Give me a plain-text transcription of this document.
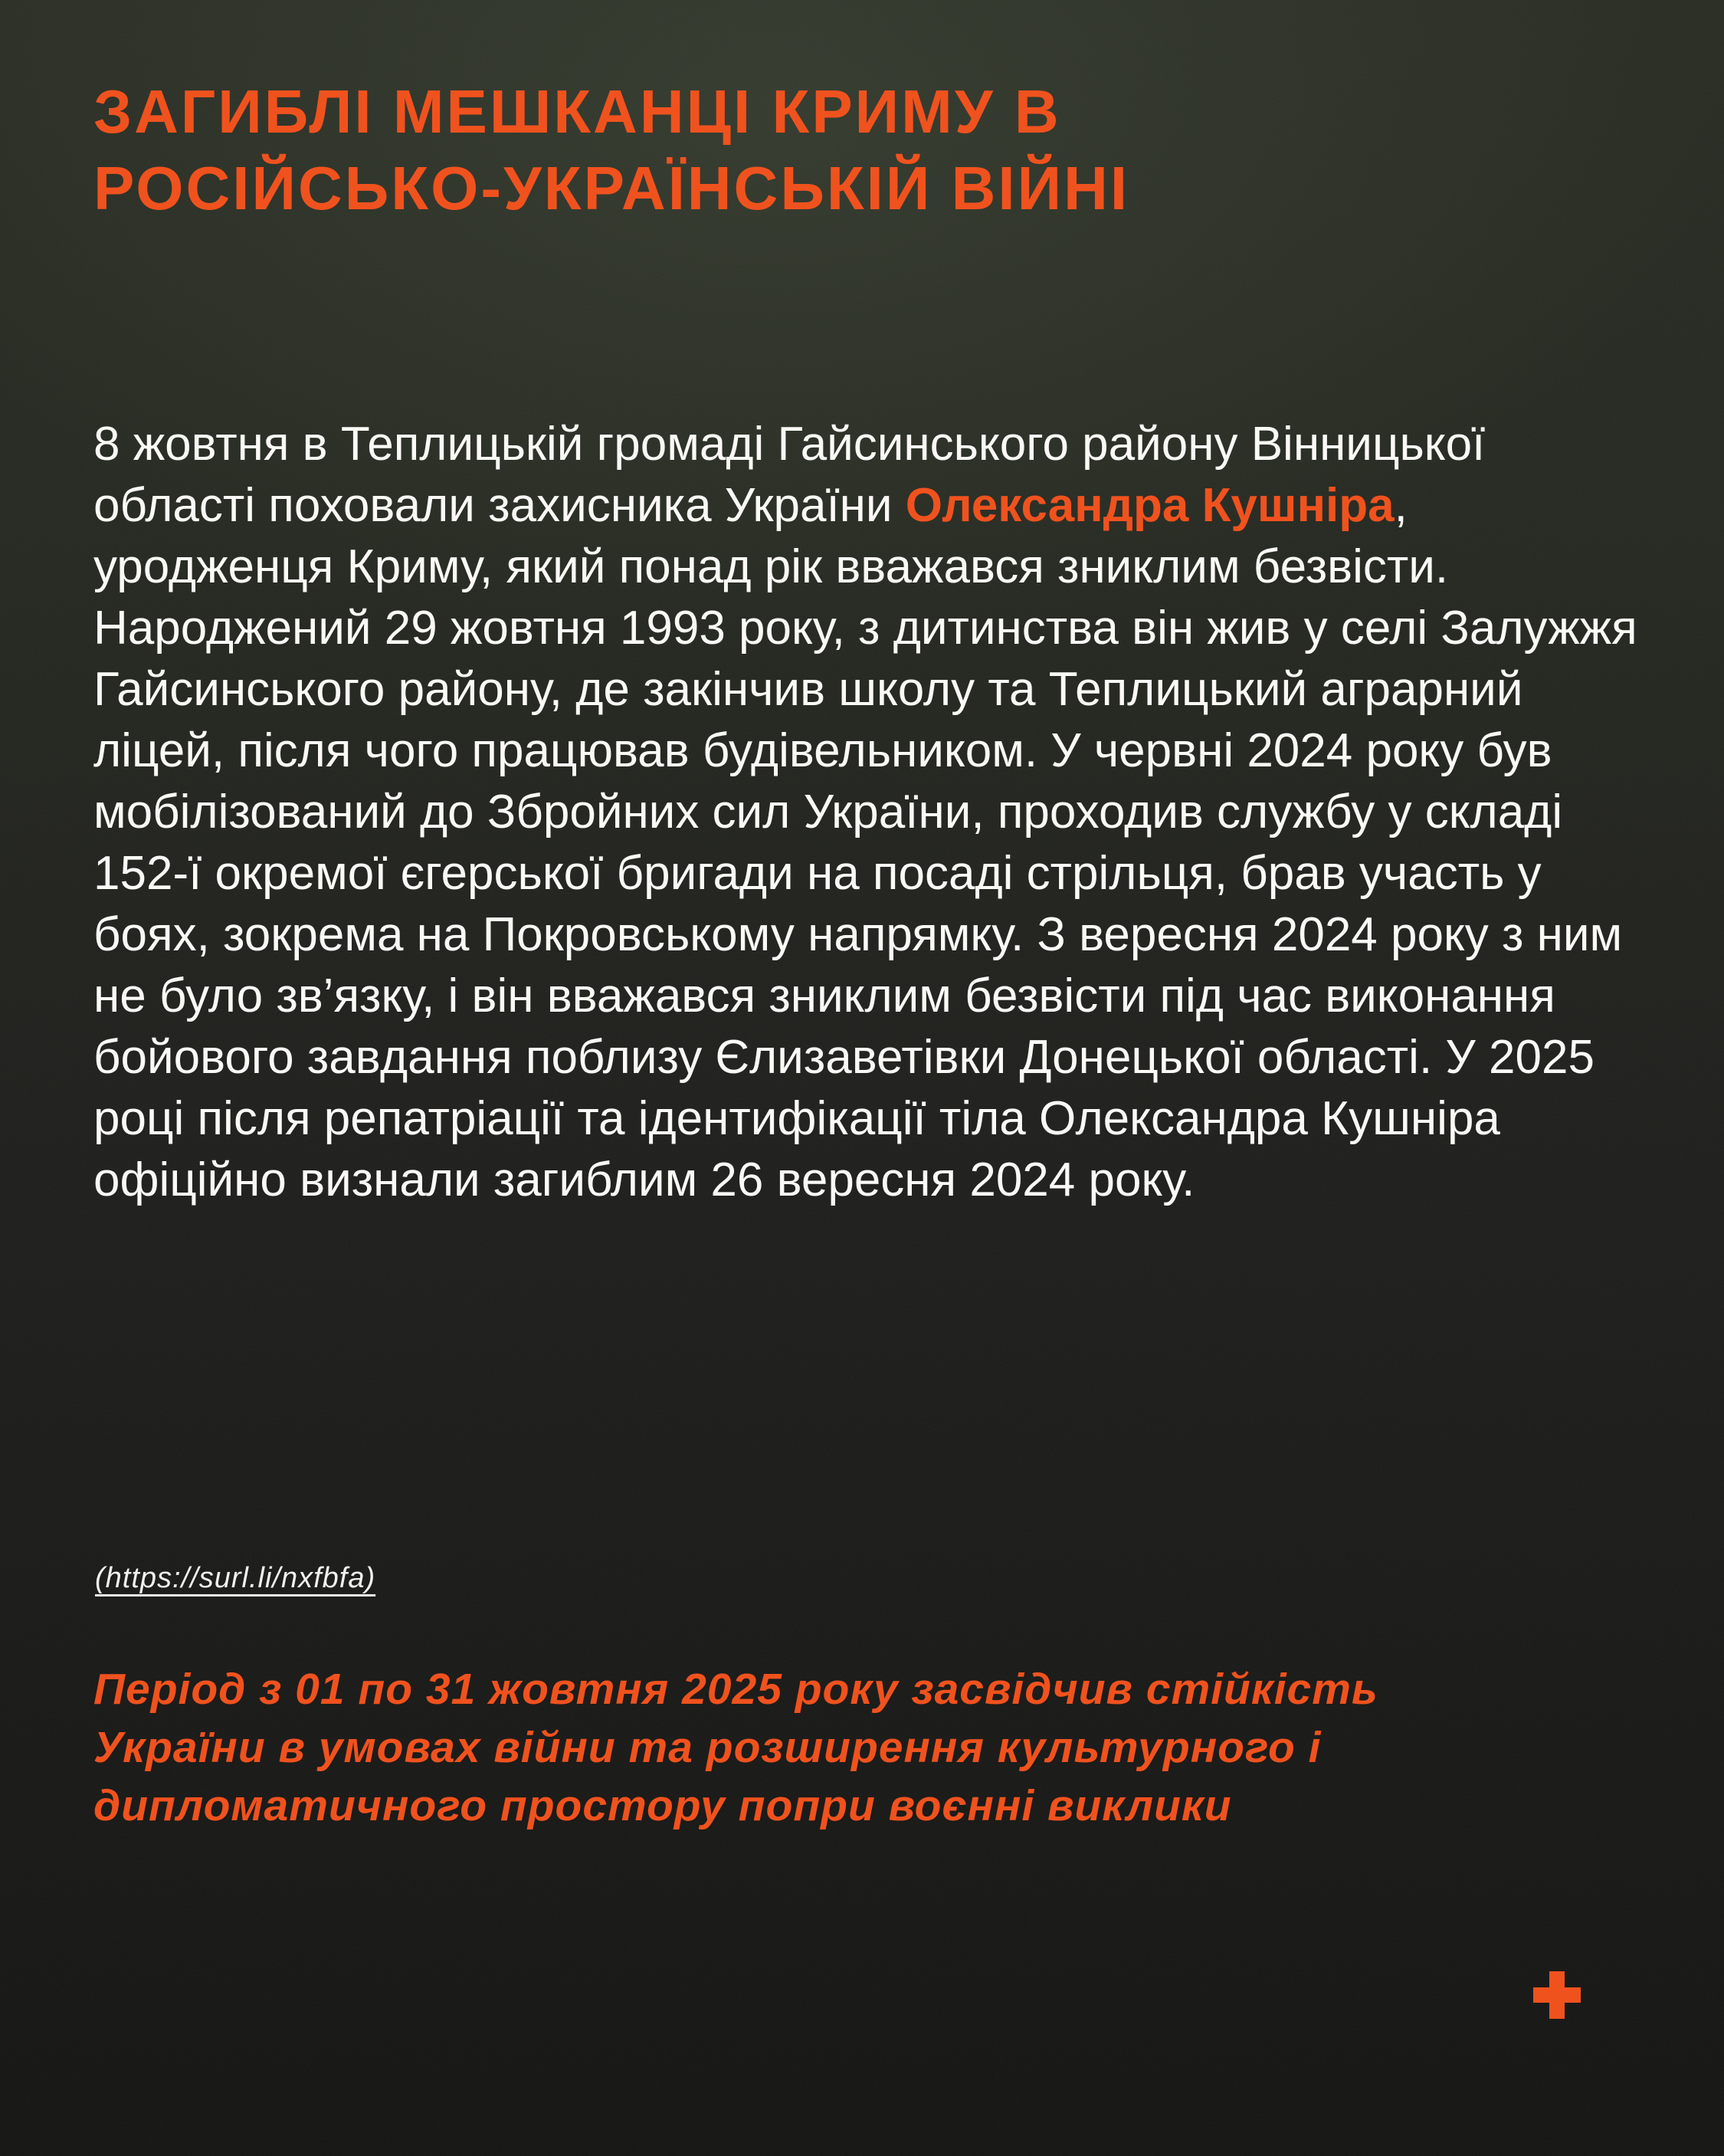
ЗАГИБЛІ МЕШКАНЦІ КРИМУ В
РОСІЙСЬКО-УКРАЇНСЬКІЙ ВІЙНІ

8 жовтня в Теплицькій громаді Гайсинського району Вінницької області поховали захисника України Олександра Кушніра, уродженця Криму, який понад рік вважався зниклим безвісти. Народжений 29 жовтня 1993 року, з дитинства він жив у селі Залужжя Гайсинського району, де закінчив школу та Теплицький аграрний ліцей, після чого працював будівельником. У червні 2024 року був мобілізований до Збройних сил України, проходив службу у складі 152-ї окремої єгерської бригади на посаді стрільця, брав участь у боях, зокрема на Покровському напрямку. З вересня 2024 року з ним не було зв’язку, і він вважався зниклим безвісти під час виконання бойового завдання поблизу Єлизаветівки Донецької області. У 2025 році після репатріації та ідентифікації тіла Олександра Кушніра офіційно визнали загиблим 26 вересня 2024 року.

(https://surl.li/nxfbfa)

Період з 01 по 31 жовтня 2025 року засвідчив стійкість України в умовах війни та розширення культурного і дипломатичного простору попри воєнні виклики
